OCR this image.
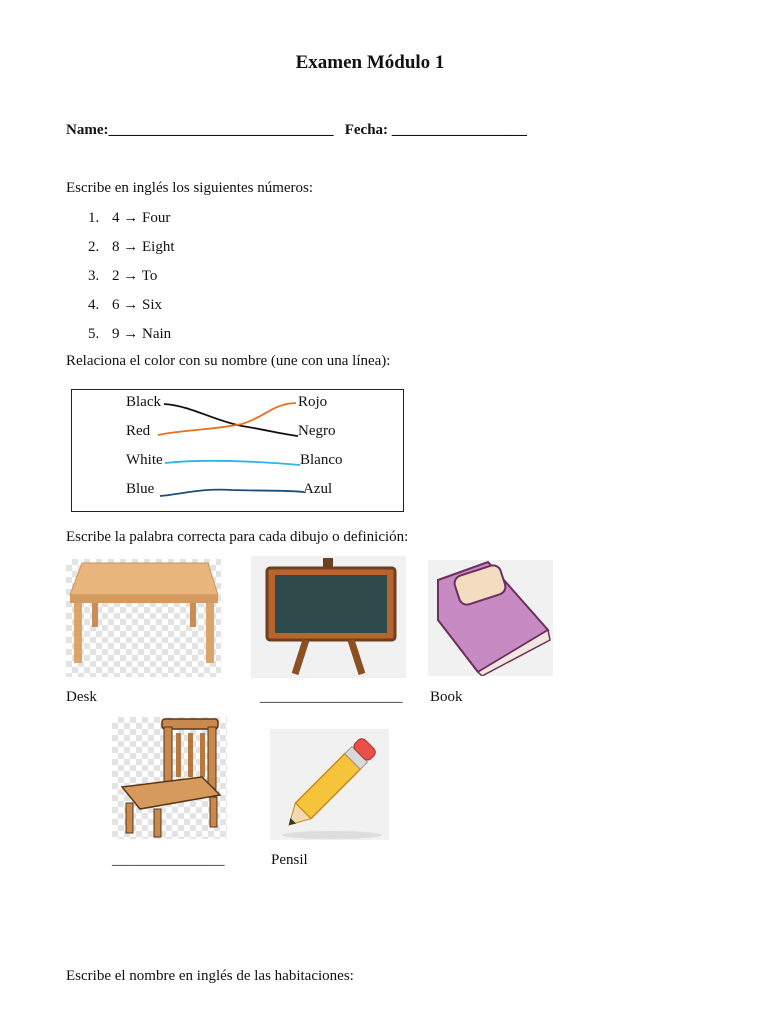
Examen Módulo 1
Name:______________________________ Fecha: __________________
Escribe en inglés los siguientes números:
1. 4 → Four
2. 8 → Eight
3. 2 → To
4. 6 → Six
5. 9 → Nain
Relaciona el color con su nombre (une con una línea):
Black
Red
White
Blue
Rojo
Negro
Blanco
Azul
Escribe la palabra correcta para cada dibujo o definición:
Desk	___________________ Book
_______________	Pensil
Escribe el nombre en inglés de las habitaciones:
